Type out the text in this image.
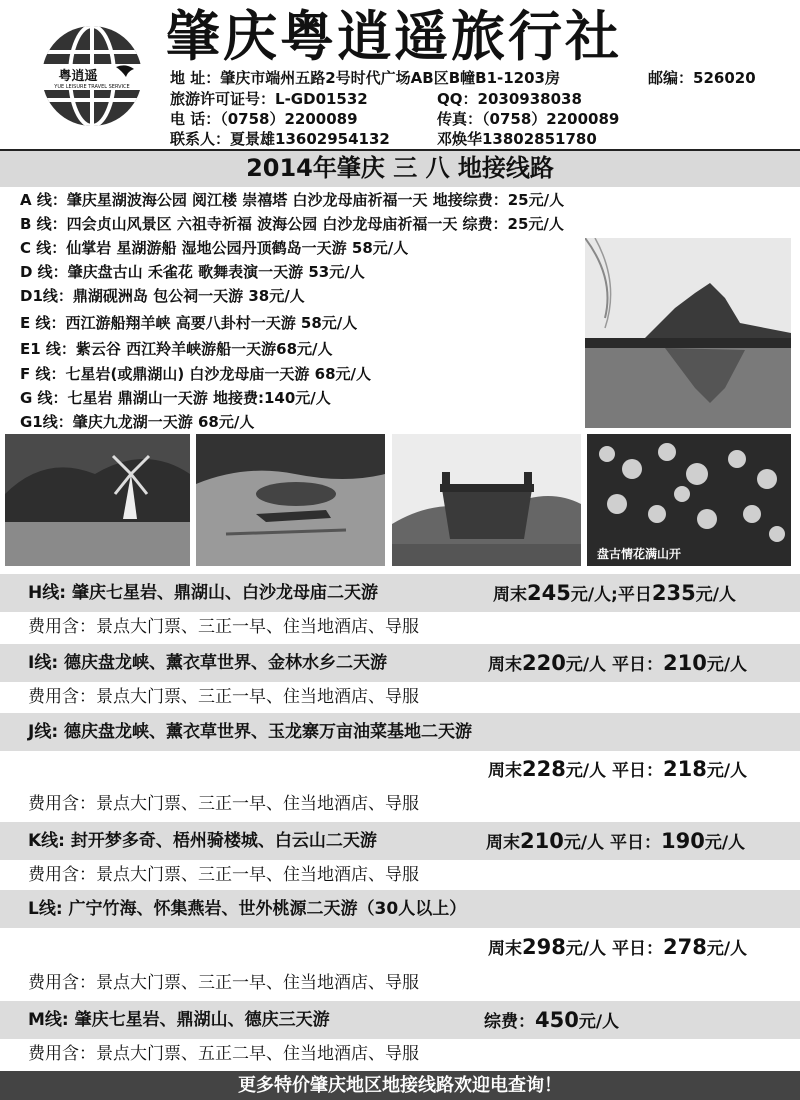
粤逍遥
YUE LEISURE TRAVEL SERVICE
肇庆粤逍遥旅行社
地 址：肇庆市端州五路2号时代广场AB区B幢B1-1203房	邮编：526020
旅游许可证号：L-GD01532	QQ：2030938038
电 话：（0758）2200089	传真：（0758）2200089
联系人：夏景雄13602954132	邓焕华13802851780
2014年肇庆 三 八 地接线路
A 线：肇庆星湖波海公园 阅江楼 崇禧塔 白沙龙母庙祈福一天 地接综费：25元/人
B 线：四会贞山风景区 六祖寺祈福 波海公园 白沙龙母庙祈福一天 综费：25元/人
C 线：仙掌岩 星湖游船 湿地公园丹顶鹤岛一天游 58元/人
D 线：肇庆盘古山 禾雀花 歌舞表演一天游 53元/人
D1线：鼎湖砚洲岛 包公祠一天游 38元/人
E 线：西江游船翔羊峡 高要八卦村一天游 58元/人
E1 线：紫云谷 西江羚羊峡游船一天游68元/人
F 线：七星岩(或鼎湖山) 白沙龙母庙一天游 68元/人
G 线：七星岩 鼎湖山一天游 地接费:140元/人
G1线：肇庆九龙湖一天游 68元/人
盘古情花满山开
H线: 肇庆七星岩、鼎湖山、白沙龙母庙二天游	周末245元/人;平日235元/人
费用含：景点大门票、三正一早、住当地酒店、导服
I线: 德庆盘龙峡、薰衣草世界、金林水乡二天游	周末220元/人 平日：210元/人
费用含：景点大门票、三正一早、住当地酒店、导服
J线: 德庆盘龙峡、薰衣草世界、玉龙寨万亩油菜基地二天游
周末228元/人 平日：218元/人
费用含：景点大门票、三正一早、住当地酒店、导服
K线: 封开梦多奇、梧州骑楼城、白云山二天游	周末210元/人 平日：190元/人
费用含：景点大门票、三正一早、住当地酒店、导服
L线: 广宁竹海、怀集燕岩、世外桃源二天游（30人以上）
周末298元/人 平日：278元/人
费用含：景点大门票、三正一早、住当地酒店、导服
M线: 肇庆七星岩、鼎湖山、德庆三天游	综费：450元/人
费用含：景点大门票、五正二早、住当地酒店、导服
更多特价肇庆地区地接线路欢迎电查询！
